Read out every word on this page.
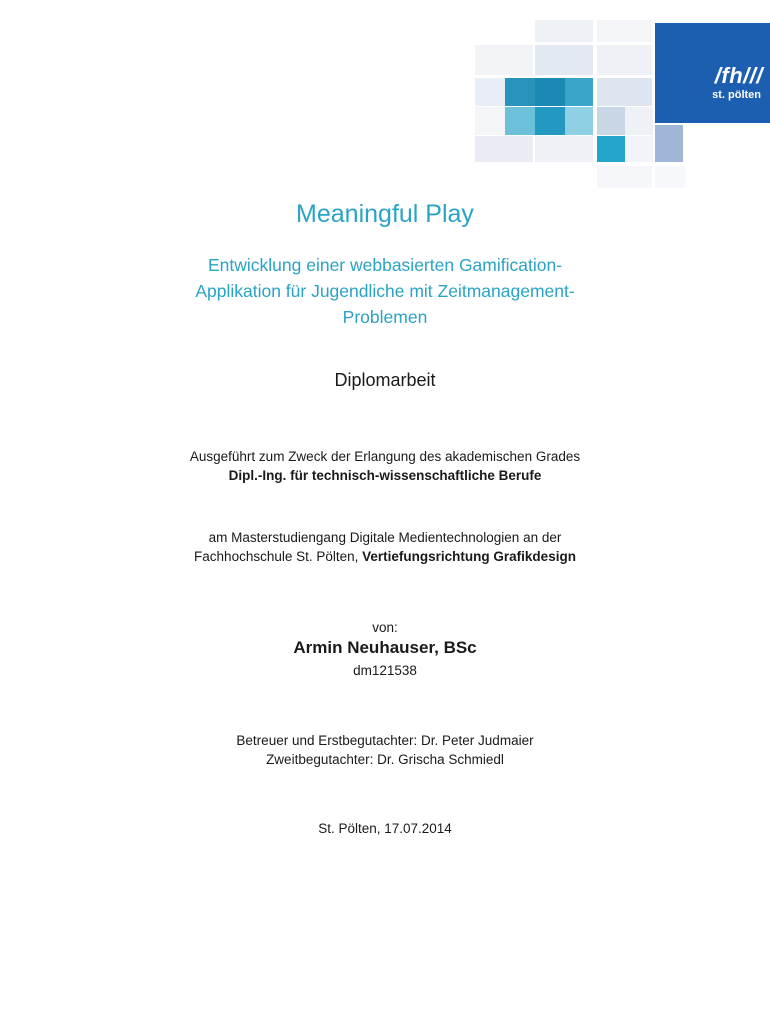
/fh///
st. pölten
Meaningful Play
Entwicklung einer webbasierten Gamification-
Applikation für Jugendliche mit Zeitmanagement-
Problemen
Diplomarbeit
Ausgeführt zum Zweck der Erlangung des akademischen Grades
Dipl.-Ing. für technisch-wissenschaftliche Berufe
am Masterstudiengang Digitale Medientechnologien an der
Fachhochschule St. Pölten, Vertiefungsrichtung Grafikdesign
von:
Armin Neuhauser, BSc
dm121538
Betreuer und Erstbegutachter: Dr. Peter Judmaier
Zweitbegutachter: Dr. Grischa Schmiedl
St. Pölten, 17.07.2014
